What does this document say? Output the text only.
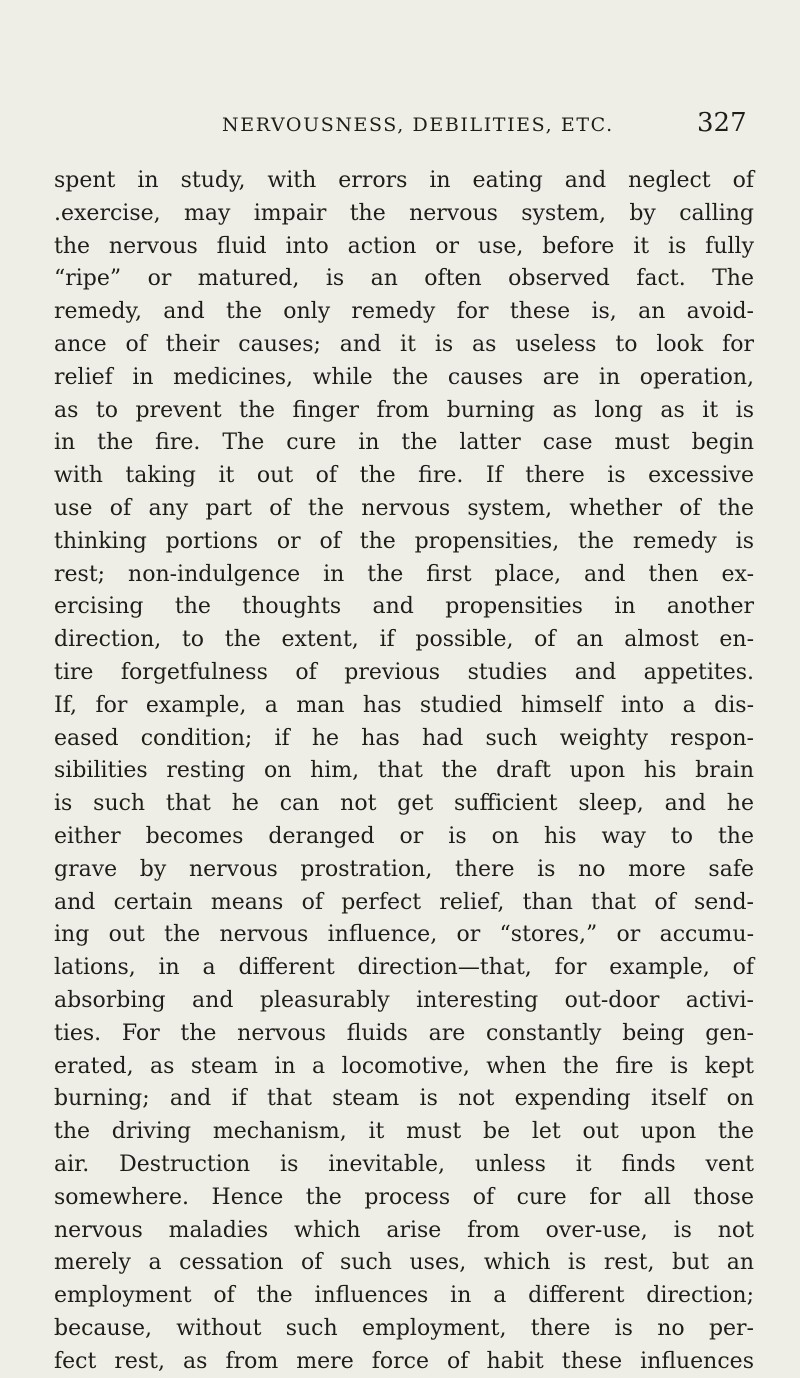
NERVOUSNESS, DEBILITIES, ETC.	327
spent in study, with errors in eating and neglect of
.exercise, may impair the nervous system, by calling
the nervous fluid into action or use, before it is fully
“ripe” or matured, is an often observed fact. The
remedy, and the only remedy for these is, an avoid-
ance of their causes; and it is as useless to look for
relief in medicines, while the causes are in operation,
as to prevent the finger from burning as long as it is
in the fire. The cure in the latter case must begin
with taking it out of the fire. If there is excessive
use of any part of the nervous system, whether of the
thinking portions or of the propensities, the remedy is
rest; non-indulgence in the first place, and then ex-
ercising the thoughts and propensities in another
direction, to the extent, if possible, of an almost en-
tire forgetfulness of previous studies and appetites.
If, for example, a man has studied himself into a dis-
eased condition; if he has had such weighty respon-
sibilities resting on him, that the draft upon his brain
is such that he can not get sufficient sleep, and he
either becomes deranged or is on his way to the
grave by nervous prostration, there is no more safe
and certain means of perfect relief, than that of send-
ing out the nervous influence, or “stores,” or accumu-
lations, in a different direction—that, for example, of
absorbing and pleasurably interesting out-door activi-
ties. For the nervous fluids are constantly being gen-
erated, as steam in a locomotive, when the fire is kept
burning; and if that steam is not expending itself on
the driving mechanism, it must be let out upon the
air. Destruction is inevitable, unless it finds vent
somewhere. Hence the process of cure for all those
nervous maladies which arise from over-use, is not
merely a cessation of such uses, which is rest, but an
employment of the influences in a different direction;
because, without such employment, there is no per-
fect rest, as from mere force of habit these influences
